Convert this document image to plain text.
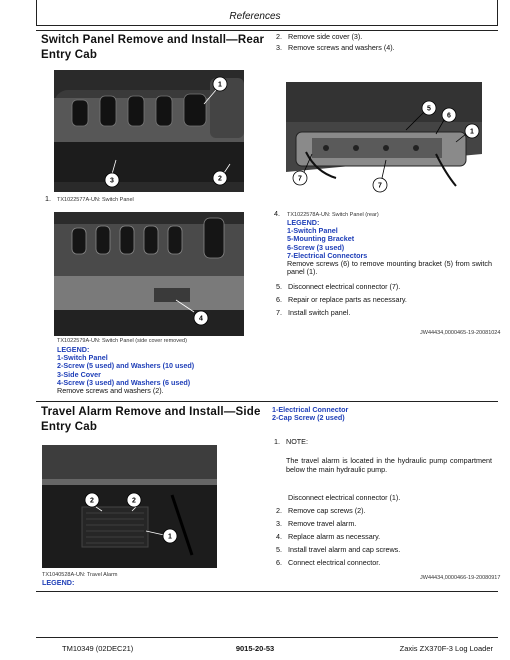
References
Switch Panel Remove and Install—Rear Entry Cab
1
2
3
1. TX1022577A-UN: Switch Panel
4
TX1022579A-UN: Switch Panel (side cover removed)
LEGEND:
1-Switch Panel
2-Screw (5 used) and Washers (10 used)
3-Side Cover
4-Screw (3 used) and Washers (6 used)
Remove screws and washers (2).
2. Remove side cover (3).
3. Remove screws and washers (4).
5
6
1
7
7
4. TX1022578A-UN: Switch Panel (rear)
LEGEND:
1-Switch Panel
5-Mounting Bracket
6-Screw (3 used)
7-Electrical Connectors
Remove screws (6) to remove mounting bracket (5) from switch panel (1).
5. Disconnect electrical connector (7).
6. Repair or replace parts as necessary.
7. Install switch panel.
JW44434,0000465-19-20081024
Travel Alarm Remove and Install—Side Entry Cab
1-Electrical Connector
2-Cap Screw (2 used)
2	2
1
1. NOTE:
The travel alarm is located in the hydraulic pump compartment below the main hydraulic pump.
Disconnect electrical connector (1).
2. Remove cap screws (2).
3. Remove travel alarm.
4. Replace alarm as necessary.
5. Install travel alarm and cap screws.
6. Connect electrical connector.
TX1040528A-UN: Travel Alarm
LEGEND:	JW44434,0000466-19-20080917
TM10349 (02DEC21)	9015-20-53	Zaxis ZX370F-3 Log Loader
